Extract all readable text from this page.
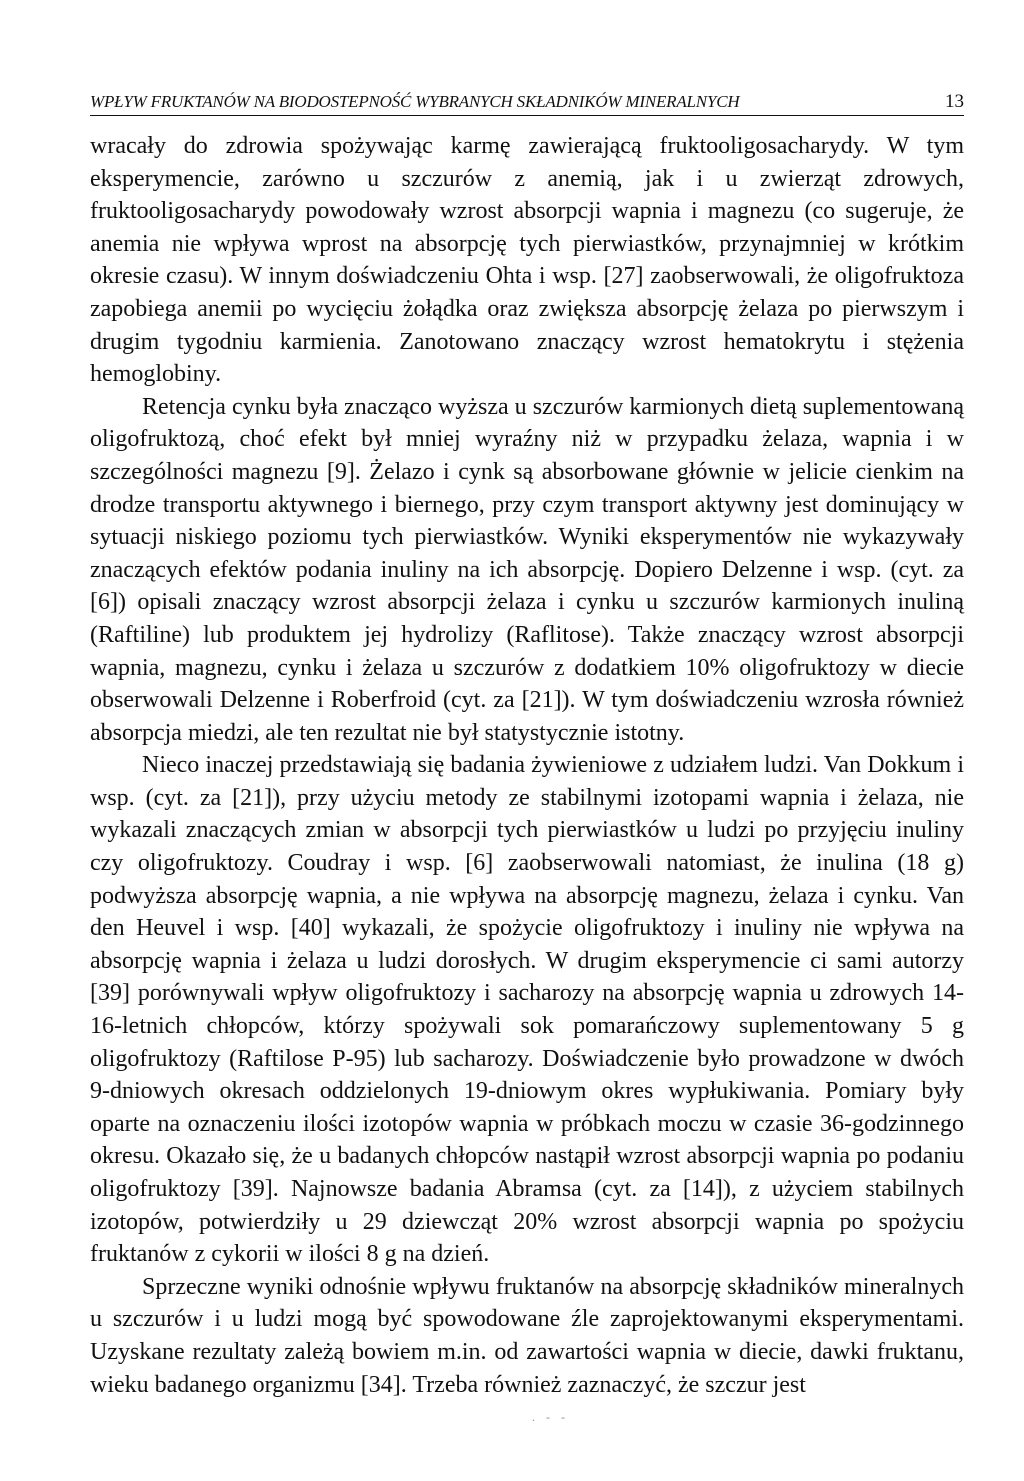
WPŁYW FRUKTANÓW NA BIODOSTEPNOŚĆ WYBRANYCH SKŁADNIKÓW MINERALNYCH	13

wracały do zdrowia spożywając karmę zawierającą fruktooligosacharydy. W tym eksperymencie, zarówno u szczurów z anemią, jak i u zwierząt zdrowych, fruktooligosacharydy powodowały wzrost absorpcji wapnia i magnezu (co sugeruje, że anemia nie wpływa wprost na absorpcję tych pierwiastków, przynajmniej w krótkim okresie czasu). W innym doświadczeniu Ohta i wsp. [27] zaobserwowali, że oligofruktoza zapobiega anemii po wycięciu żołądka oraz zwiększa absorpcję żelaza po pierwszym i drugim tygodniu karmienia. Zanotowano znaczący wzrost hematokrytu i stężenia hemoglobiny.

Retencja cynku była znacząco wyższa u szczurów karmionych dietą suplementowaną oligofruktozą, choć efekt był mniej wyraźny niż w przypadku żelaza, wapnia i w szczególności magnezu [9]. Żelazo i cynk są absorbowane głównie w jelicie cienkim na drodze transportu aktywnego i biernego, przy czym transport aktywny jest dominujący w sytuacji niskiego poziomu tych pierwiastków. Wyniki eksperymentów nie wykazywały znaczących efektów podania inuliny na ich absorpcję. Dopiero Delzenne i wsp. (cyt. za [6]) opisali znaczący wzrost absorpcji żelaza i cynku u szczurów karmionych inuliną (Raftiline) lub produktem jej hydrolizy (Raflitose). Także znaczący wzrost absorpcji wapnia, magnezu, cynku i żelaza u szczurów z dodatkiem 10% oligofruktozy w diecie obserwowali Delzenne i Roberfroid (cyt. za [21]). W tym doświadczeniu wzrosła również absorpcja miedzi, ale ten rezultat nie był statystycznie istotny.

Nieco inaczej przedstawiają się badania żywieniowe z udziałem ludzi. Van Dokkum i wsp. (cyt. za [21]), przy użyciu metody ze stabilnymi izotopami wapnia i żelaza, nie wykazali znaczących zmian w absorpcji tych pierwiastków u ludzi po przyjęciu inuliny czy oligofruktozy. Coudray i wsp. [6] zaobserwowali natomiast, że inulina (18 g) podwyższa absorpcję wapnia, a nie wpływa na absorpcję magnezu, żelaza i cynku. Van den Heuvel i wsp. [40] wykazali, że spożycie oligofruktozy i inuliny nie wpływa na absorpcję wapnia i żelaza u ludzi dorosłych. W drugim eksperymencie ci sami autorzy [39] porównywali wpływ oligofruktozy i sacharozy na absorpcję wapnia u zdrowych 14-16-letnich chłopców, którzy spożywali sok pomarańczowy suplementowany 5 g oligofruktozy (Raftilose P-95) lub sacharozy. Doświadczenie było prowadzone w dwóch 9-dniowych okresach oddzielonych 19-dniowym okres wypłukiwania. Pomiary były oparte na oznaczeniu ilości izotopów wapnia w próbkach moczu w czasie 36-godzinnego okresu. Okazało się, że u badanych chłopców nastąpił wzrost absorpcji wapnia po podaniu oligofruktozy [39]. Najnowsze badania Abramsa (cyt. za [14]), z użyciem stabilnych izotopów, potwierdziły u 29 dziewcząt 20% wzrost absorpcji wapnia po spożyciu fruktanów z cykorii w ilości 8 g na dzień.

Sprzeczne wyniki odnośnie wpływu fruktanów na absorpcję składników mineralnych u szczurów i u ludzi mogą być spowodowane źle zaprojektowanymi eksperymentami. Uzyskane rezultaty zależą bowiem m.in. od zawartości wapnia w diecie, dawki fruktanu, wieku badanego organizmu [34]. Trzeba również zaznaczyć, że szczur jest

. - -
